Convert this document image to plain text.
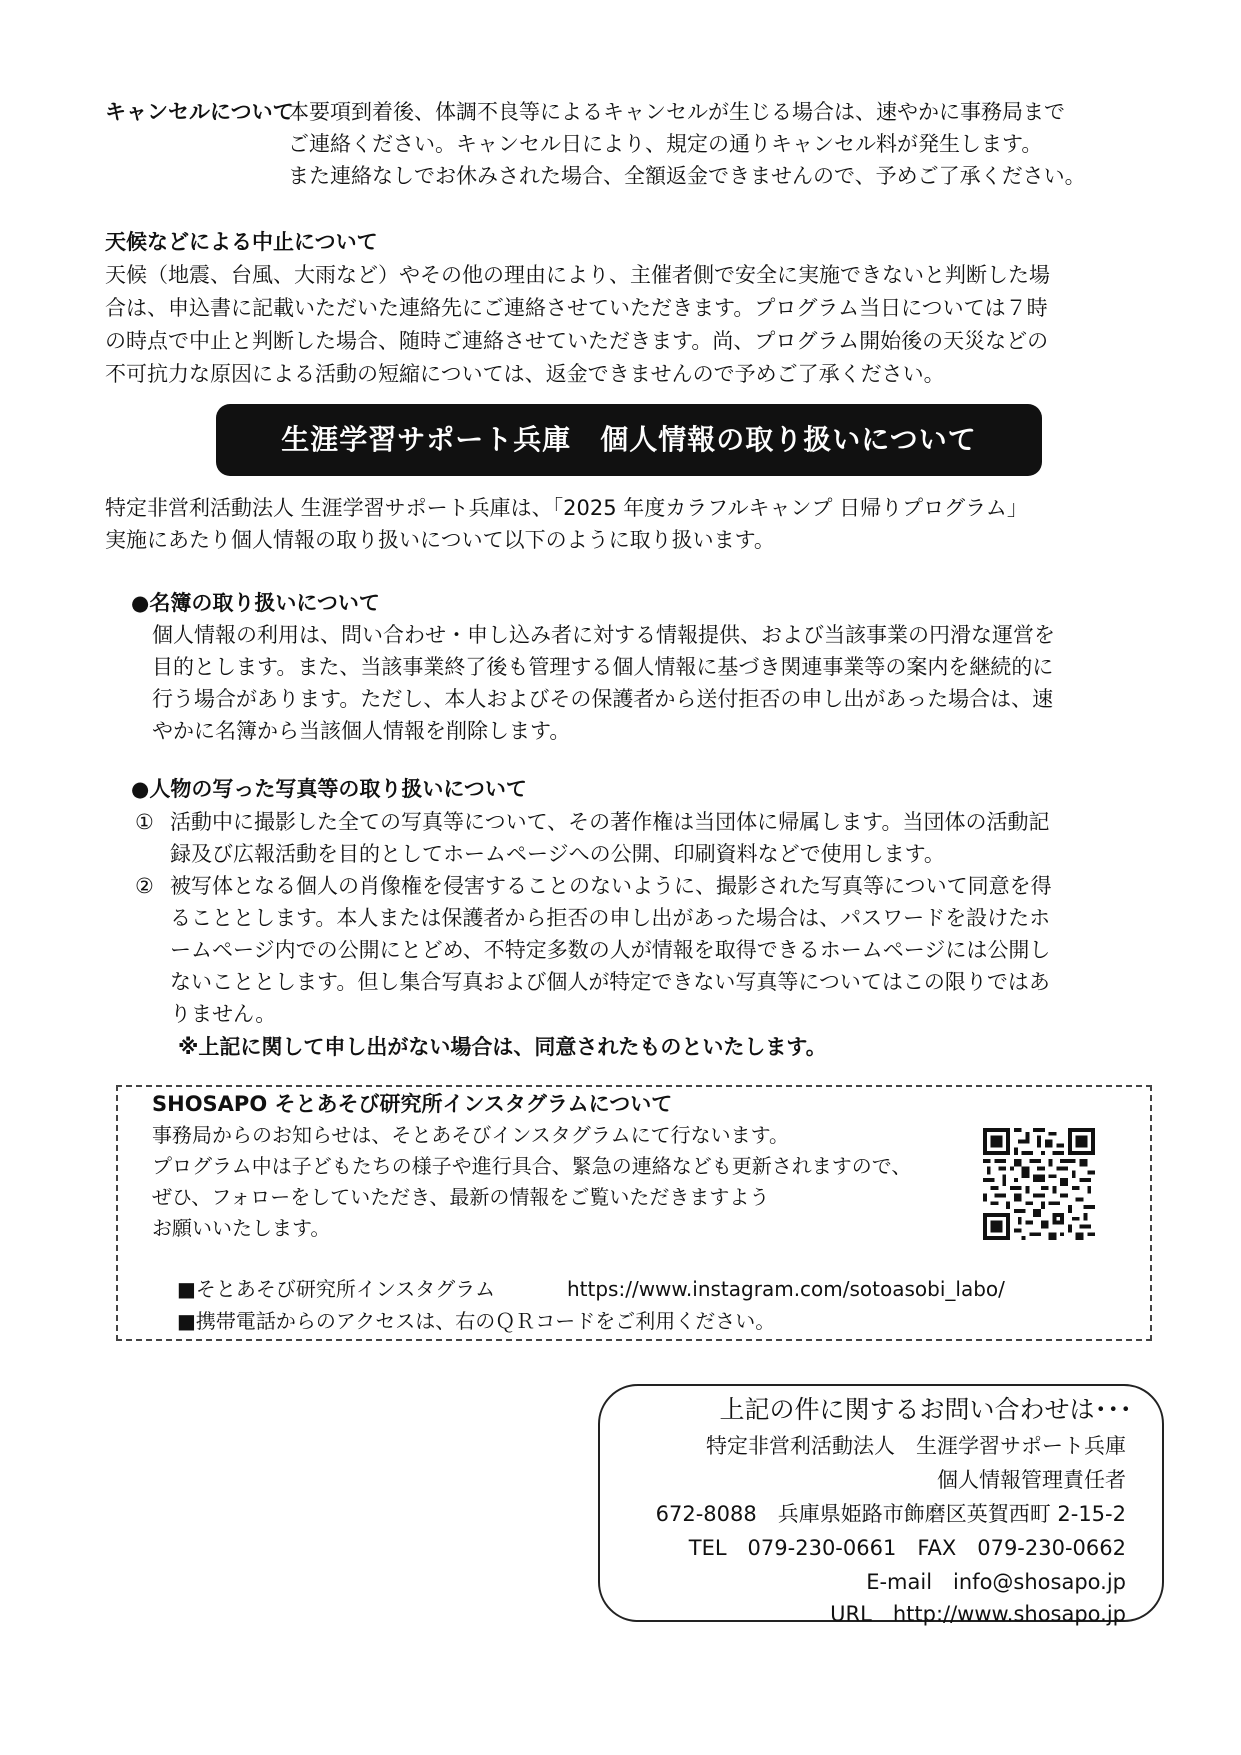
キャンセルについて
本要項到着後、体調不良等によるキャンセルが生じる場合は、速やかに事務局まで
ご連絡ください。キャンセル日により、規定の通りキャンセル料が発生します。
また連絡なしでお休みされた場合、全額返金できませんので、予めご了承ください。
天候などによる中止について
天候（地震、台風、大雨など）やその他の理由により、主催者側で安全に実施できないと判断した場
合は、申込書に記載いただいた連絡先にご連絡させていただきます。プログラム当日については７時
の時点で中止と判断した場合、随時ご連絡させていただきます。尚、プログラム開始後の天災などの
不可抗力な原因による活動の短縮については、返金できませんので予めご了承ください。
生涯学習サポート兵庫　個人情報の取り扱いについて
特定非営利活動法人 生涯学習サポート兵庫は、「2025 年度カラフルキャンプ 日帰りプログラム」
実施にあたり個人情報の取り扱いについて以下のように取り扱います。
●名簿の取り扱いについて
個人情報の利用は、問い合わせ・申し込み者に対する情報提供、および当該事業の円滑な運営を
目的とします。また、当該事業終了後も管理する個人情報に基づき関連事業等の案内を継続的に
行う場合があります。ただし、本人およびその保護者から送付拒否の申し出があった場合は、速
やかに名簿から当該個人情報を削除します。
●人物の写った写真等の取り扱いについて
① 活動中に撮影した全ての写真等について、その著作権は当団体に帰属します。当団体の活動記
録及び広報活動を目的としてホームページへの公開、印刷資料などで使用します。
② 被写体となる個人の肖像権を侵害することのないように、撮影された写真等について同意を得
ることとします。本人または保護者から拒否の申し出があった場合は、パスワードを設けたホ
ームページ内での公開にとどめ、不特定多数の人が情報を取得できるホームページには公開し
ないこととします。但し集合写真および個人が特定できない写真等についてはこの限りではあ
りません。
※上記に関して申し出がない場合は、同意されたものといたします。
SHOSAPO そとあそび研究所インスタグラムについて
事務局からのお知らせは、そとあそびインスタグラムにて行ないます。
プログラム中は子どもたちの様子や進行具合、緊急の連絡なども更新されますので、
ぜひ、フォローをしていただき、最新の情報をご覧いただきますよう
お願いいたします。
■そとあそび研究所インスタグラム	https://www.instagram.com/sotoasobi_labo/
■携帯電話からのアクセスは、右のＱＲコードをご利用ください。
上記の件に関するお問い合わせは･･･
特定非営利活動法人　生涯学習サポート兵庫
個人情報管理責任者
672-8088　兵庫県姫路市飾磨区英賀西町 2-15-2
TEL　079-230-0661　FAX　079-230-0662
E-mail　info@shosapo.jp
URL　http://www.shosapo.jp
